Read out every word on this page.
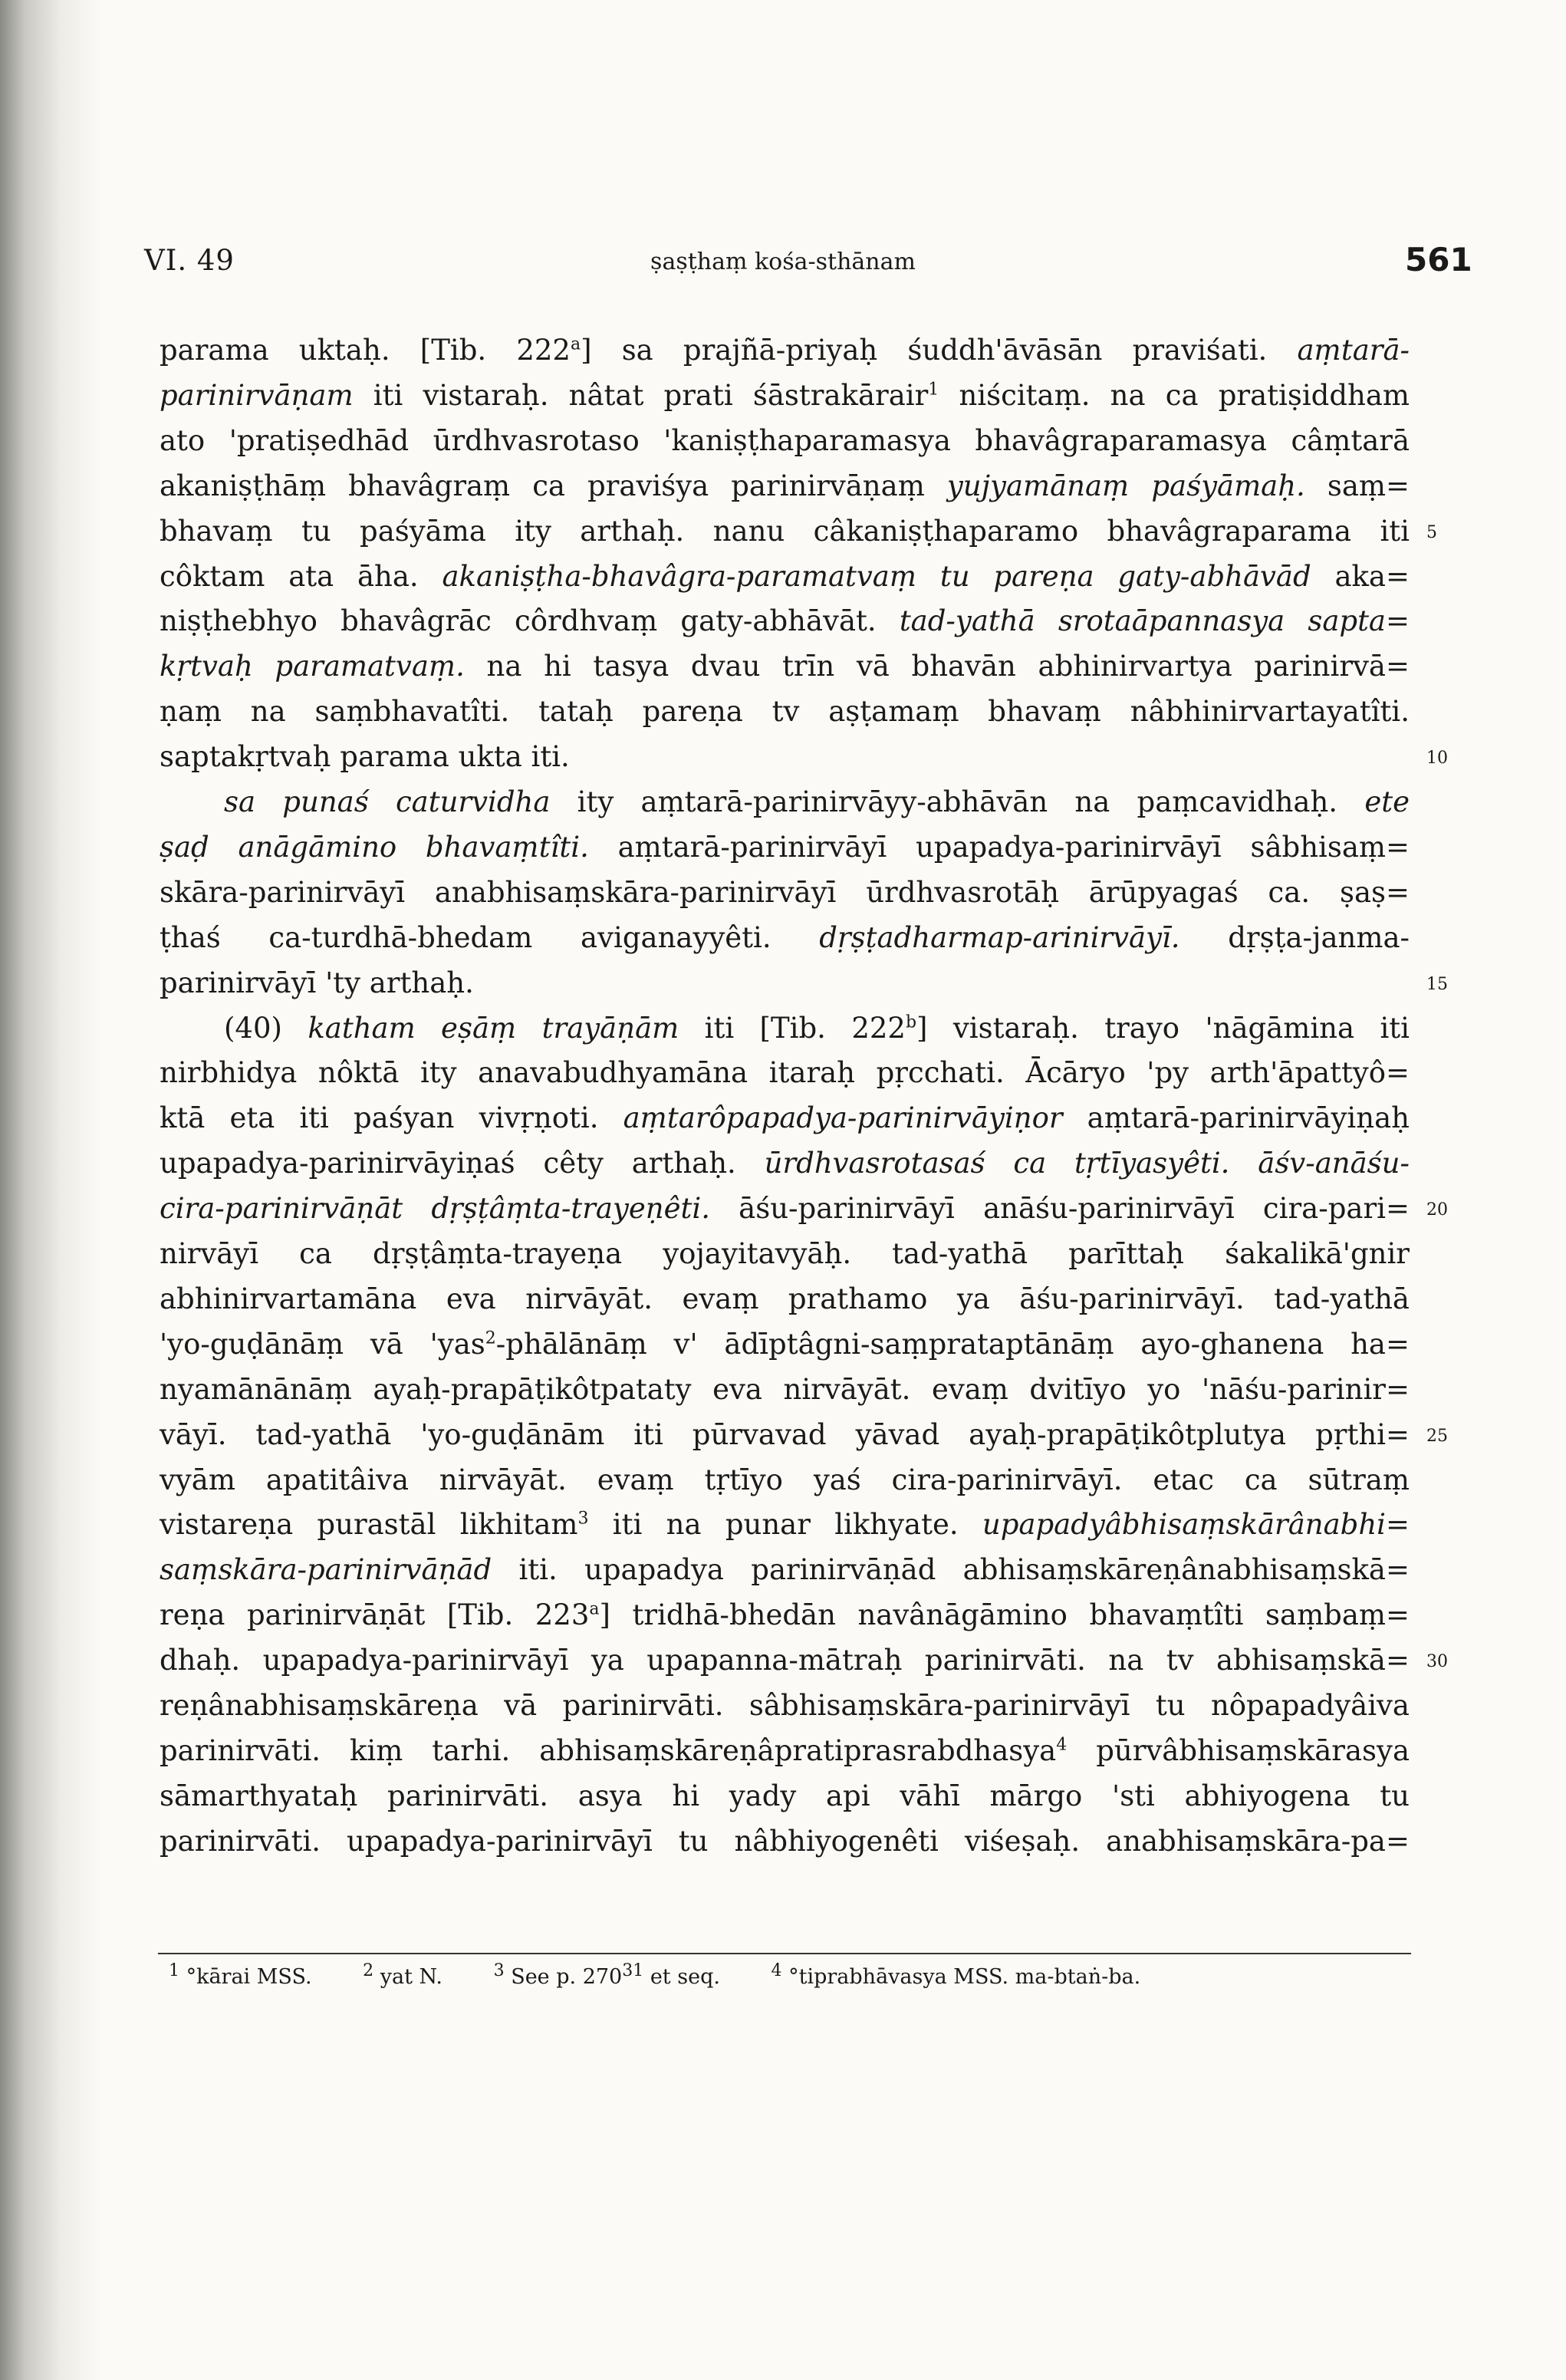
VI. 49	ṣaṣṭhaṃ kośa-sthānam	561
parama uktaḥ. [Tib. 222$^a$] sa prajñā-priyaḥ śuddh'āvāsān praviśati. aṃtarā-
parinirvāṇam iti vistaraḥ. nâtat prati śāstrakārair$^1$ niścitaṃ. na ca pratiṣiddham
ato 'pratiṣedhād ūrdhvasrotaso 'kaniṣṭhaparamasya bhavâgraparamasya câṃtarā
akaniṣṭhāṃ bhavâgraṃ ca praviśya parinirvāṇaṃ yujyamānaṃ paśyāmaḥ. saṃ=
bhavaṃ tu paśyāma ity arthaḥ. nanu câkaniṣṭhaparamo bhavâgraparama iti
côktam ata āha. akaniṣṭha-bhavâgra-paramatvaṃ tu pareṇa gaty-abhāvād aka=
niṣṭhebhyo bhavâgrāc côrdhvaṃ gaty-abhāvāt. tad-yathā srotaāpannasya sapta=
kṛtvaḥ paramatvaṃ. na hi tasya dvau trīn vā bhavān abhinirvartya parinirvā=
ṇaṃ na saṃbhavatîti. tataḥ pareṇa tv aṣṭamaṃ bhavaṃ nâbhinirvartayatîti.
saptakṛtvaḥ parama ukta iti.
sa punaś caturvidha ity aṃtarā-parinirvāyy-abhāvān na paṃcavidhaḥ. ete
ṣaḍ anāgāmino bhavaṃtîti. aṃtarā-parinirvāyī upapadya-parinirvāyī sâbhisaṃ=
skāra-parinirvāyī anabhisaṃskāra-parinirvāyī ūrdhvasrotāḥ ārūpyagaś ca. ṣaṣ=
ṭhaś ca-turdhā-bhedam aviganayyêti. dṛṣṭadharmap-arinirvāyī. dṛṣṭa-janma-
parinirvāyī 'ty arthaḥ.
(40) katham eṣāṃ trayāṇām iti [Tib. 222$^b$] vistaraḥ. trayo 'nāgāmina iti
nirbhidya nôktā ity anavabudhyamāna itaraḥ pṛcchati. Ācāryo 'py arth'āpattyô=
ktā eta iti paśyan vivṛṇoti. aṃtarôpapadya-parinirvāyiṇor aṃtarā-parinirvāyiṇaḥ
upapadya-parinirvāyiṇaś cêty arthaḥ. ūrdhvasrotasaś ca tṛtīyasyêti. āśv-anāśu-
cira-parinirvāṇāt dṛṣṭâṃta-trayeṇêti. āśu-parinirvāyī anāśu-parinirvāyī cira-pari=
nirvāyī ca dṛṣṭâṃta-trayeṇa yojayitavyāḥ. tad-yathā parīttaḥ śakalikā'gnir
abhinirvartamāna eva nirvāyāt. evaṃ prathamo ya āśu-parinirvāyī. tad-yathā
'yo-guḍānāṃ vā 'yas$^2$-phālānāṃ v' ādīptâgni-saṃprataptānāṃ ayo-ghanena ha=
nyamānānāṃ ayaḥ-prapāṭikôtpataty eva nirvāyāt. evaṃ dvitīyo yo 'nāśu-parinir=
vāyī. tad-yathā 'yo-guḍānām iti pūrvavad yāvad ayaḥ-prapāṭikôtplutya pṛthi=
vyām apatitâiva nirvāyāt. evaṃ tṛtīyo yaś cira-parinirvāyī. etac ca sūtraṃ
vistareṇa purastāl likhitam$^3$ iti na punar likhyate. upapadyâbhisaṃskārânabhi=
saṃskāra-parinirvāṇād iti. upapadya parinirvāṇād abhisaṃskāreṇânabhisaṃskā=
reṇa parinirvāṇāt [Tib. 223$^a$] tridhā-bhedān navânāgāmino bhavaṃtîti saṃbaṃ=
dhaḥ. upapadya-parinirvāyī ya upapanna-mātraḥ parinirvāti. na tv abhisaṃskā=
reṇânabhisaṃskāreṇa vā parinirvāti. sâbhisaṃskāra-parinirvāyī tu nôpapadyâiva
parinirvāti. kiṃ tarhi. abhisaṃskāreṇâpratiprasrabdhasya$^4$ pūrvâbhisaṃskārasya
sāmarthyataḥ parinirvāti. asya hi yady api vāhī mārgo 'sti abhiyogena tu
parinirvāti. upapadya-parinirvāyī tu nâbhiyogenêti viśeṣaḥ. anabhisaṃskāra-pa=
5
10
15
20
25
30
$^1$ °kārai MSS.	$^2$ yat N.	$^3$ See p. $270^{31}$ et seq.	$^4$ °tiprabhāvasya MSS. ma-btaṅ-ba.
